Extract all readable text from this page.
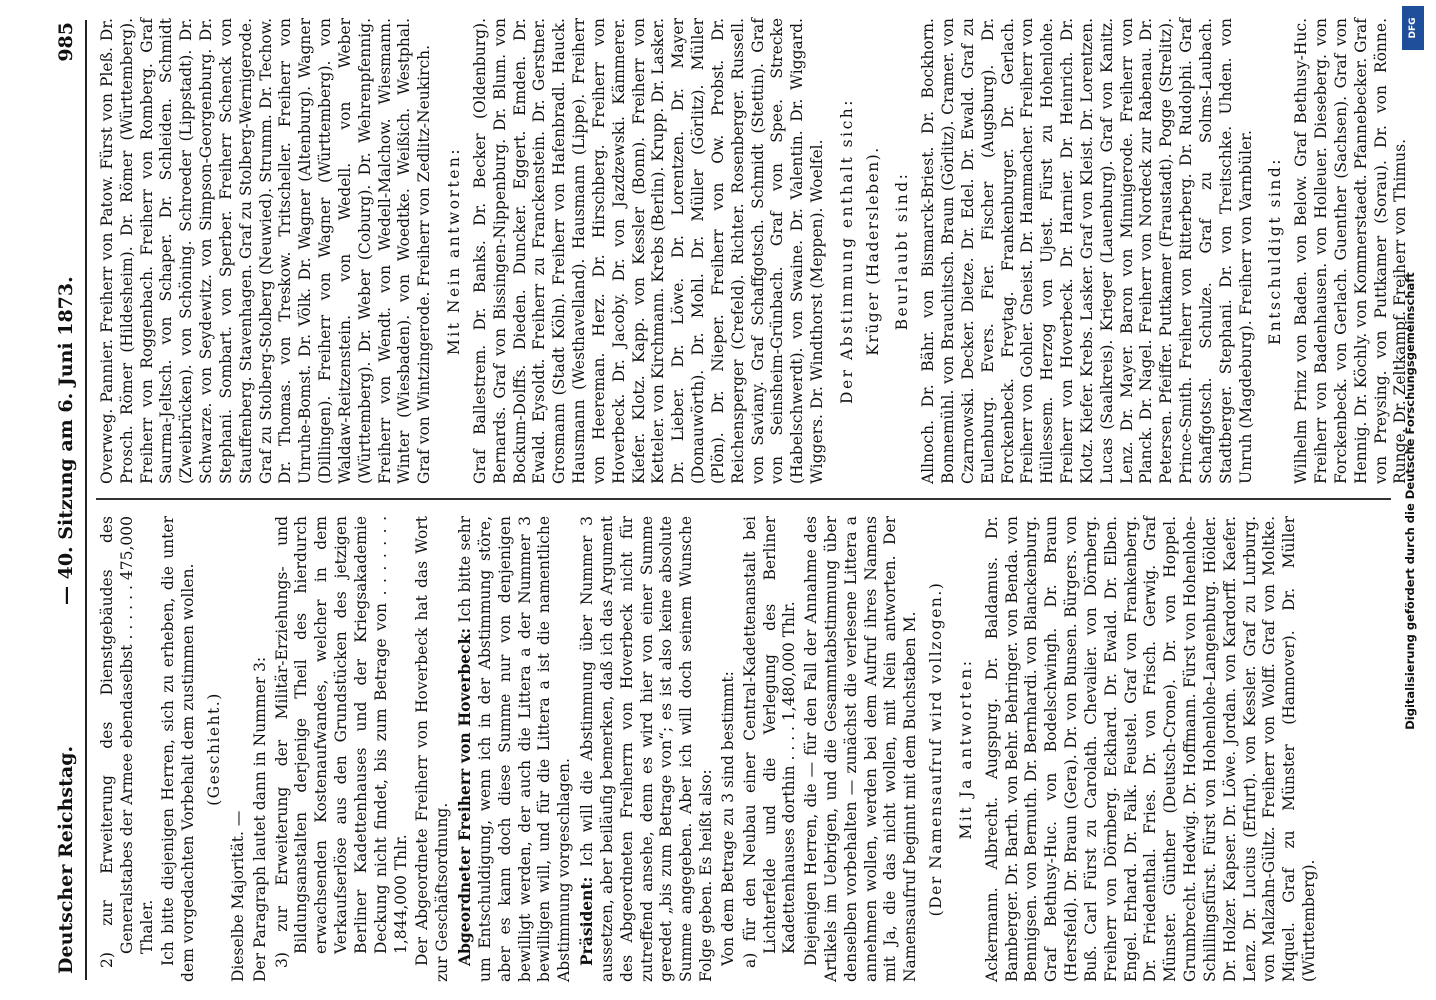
Deutscher Reichstag.
— 40. Sitzung am 6. Juni 1873.
985

2) zur Erweiterung des Dienstgebäudes des Generalstabes der Armee ebendaselbst . . . . . . 475,000 Thaler. Ich bitte diejenigen Herren, sich zu erheben, die unter dem vorgedachten Vorbehalt dem zustimmen wollen. (Geschieht.)

Dieselbe Majorität. — Der Paragraph lautet dann in Nummer 3: 3) zur Erweiterung der Militär-Erziehungs- und Bildungsanstalten derjenige Theil des hierdurch erwachsenden Kostenaufwandes, welcher in dem Verkaufserlöse aus den Grundstücken des jetzigen Berliner Kadettenhauses und der Kriegsakademie Deckung nicht findet, bis zum Betrage von . . . . . . . 1,844,000 Thlr. Der Abgeordnete Freiherr von Hoverbeck hat das Wort zur Geschäftsordnung. Abgeordneter Freiherr von Hoverbeck: Ich bitte sehr um Entschuldigung, wenn ich in der Abstimmung störe, aber es kann doch diese Summe nur von denjenigen bewilligt werden, der auch die Littera a der Nummer 3 bewilligen will, und für die Littera a ist die namentliche Abstimmung vorgeschlagen. Präsident: Ich will die Abstimmung über Nummer 3 aussetzen, aber beiläufig bemerken, daß ich das Argument des Abgeordneten Freiherrn von Hoverbeck nicht für zutreffend ansehe, denn es wird hier von einer Summe geredet „bis zum Betrage von“; es ist also keine absolute Summe angegeben. Aber ich will doch seinem Wunsche Folge geben. Es heißt also: Von dem Betrage zu 3 sind bestimmt: a) für den Neubau einer Central-Kadettenanstalt bei Lichterfelde und die Verlegung des Berliner Kadettenhauses dorthin . . . . 1,480,000 Thlr. Diejenigen Herren, die — für den Fall der Annahme des Artikels im Uebrigen, und die Gesammtabstimmung über denselben vorbehalten — zunächst die verlesene Littera a annehmen wollen, werden bei dem Aufruf ihres Namens mit Ja, die das nicht wollen, mit Nein antworten. Der Namensaufruf beginnt mit dem Buchstaben M. (Der Namensaufruf wird vollzogen.) Mit Ja antworten: Ackermann. Albrecht. Augspurg. Dr. Baldamus. Dr. Bamberger. Dr. Barth. von Behr. Behringer. von Benda. von Bennigsen. von Bernuth. Dr. Bernhardi. von Blanckenburg. Graf Bethusy-Huc. von Bodelschwingh. Dr. Braun (Hersfeld). Dr. Braun (Gera). Dr. von Bunsen. Bürgers. von Buß. Carl Fürst zu Carolath. Chevalier. von Dörnberg. Freiherr von Dörnberg. Eckhard. Dr. Ewald. Dr. Elben. Engel. Erhard. Dr. Falk. Feustel. Graf von Frankenberg. Dr. Friedenthal. Fries. Dr. von Frisch. Gerwig. Graf Münster. Günther (Deutsch-Crone). Dr. von Hoppel. Grumbrecht. Hedwig. Dr. Hoffmann. Fürst von Hohenlohe-Schillingsfürst. Fürst von Hohenlohe-Langenburg. Hölder. Dr. Holzer. Kapser. Dr. Löwe. Jordan. von Kardorff. Kaefer. Lenz. Dr. Lucius (Erfurt). von Kessler. Graf zu Lurburg. von Malzahn-Gültz. Freiherr von Wolff. Graf von Moltke. Miquel. Graf zu Münster (Hannover). Dr. Müller (Württemberg).

Overweg. Pannier. Freiherr von Patow. Fürst von Pleß. Dr. Prosch. Römer (Hildesheim). Dr. Römer (Württemberg). Freiherr von Roggenbach. Freiherr von Romberg. Graf Saurma-Jeltsch. von Schaper. Dr. Schleiden. Schmidt (Zweibrücken). von Schöning. Schroeder (Lippstadt). Dr. Schwarze. von Seydewitz. von Simpson-Georgenburg. Dr. Stephani. Sombart. von Sperber. Freiherr Schenck von Stauffenberg. Stavenhagen. Graf zu Stolberg-Wernigerode. Graf zu Stolberg-Stolberg (Neuwied). Strumm. Dr. Techow. Dr. Thomas. von Treskow. Tritscheller. Freiherr von Unruhe-Bomst. Dr. Völk. Dr. Wagner (Altenburg). Wagner (Dillingen). Freiherr von Wagner (Württemberg). von Waldaw-Reitzenstein. von Wedell. von Weber (Württemberg). Dr. Weber (Coburg). Dr. Wehrenpfennig. Freiherr von Wendt. von Wedell-Malchow. Wiesmann. Winter (Wiesbaden). von Woedtke. Weißich. Westphal. Graf von Wintzingerode. Freiherr von Zedlitz-Neukirch. Mit Nein antworten: Graf Ballestrem. Dr. Banks. Dr. Becker (Oldenburg). Bernards. Graf von Bissingen-Nippenburg. Dr. Blum. von Bockum-Dolffs. Dieden. Duncker. Eggert. Emden. Dr. Ewald. Eysoldt. Freiherr zu Franckenstein. Dr. Gerstner. Grosmann (Stadt Köln). Freiherr von Hafenbradl. Hauck. Hausmann (Westhavelland). Hausmann (Lippe). Freiherr von Heereman. Herz. Dr. Hirschberg. Freiherr von Hoverbeck. Dr. Jacoby. Dr. von Jazdzewski. Kämmerer. Kiefer. Klotz. Kapp. von Kessler (Bonn). Freiherr von Ketteler. von Kirchmann. Krebs (Berlin). Krupp. Dr. Lasker. Dr. Lieber. Dr. Löwe. Dr. Lorentzen. Dr. Mayer (Donauwörth). Dr. Mohl. Dr. Müller (Görlitz). Müller (Plön). Dr. Nieper. Freiherr von Ow. Probst. Dr. Reichensperger (Crefeld). Richter. Rosenberger. Russell. von Saviany. Graf Schaffgotsch. Schmidt (Stettin). Graf von Seinsheim-Grünbach. Graf von Spee. Strecke (Habelschwerdt). von Swaine. Dr. Valentin. Dr. Wiggard. Wiggers. Dr. Windthorst (Meppen). Woelfel. Der Abstimmung enthalt sich: Krüger (Hadersleben). Beurlaubt sind: Allnoch. Dr. Bähr. von Bismarck-Briest. Dr. Bockhorn. Bonnemühl. von Brauchitsch. Braun (Görlitz). Cramer. von Czarnowski. Decker. Dietze. Dr. Edel. Dr. Ewald. Graf zu Eulenburg. Evers. Fier. Fischer (Augsburg). Dr. Forckenbeck. Freytag. Frankenburger. Dr. Gerlach. Freiherr von Gohler. Gneist. Dr. Hammacher. Freiherr von Hüllessem. Herzog von Ujest. Fürst zu Hohenlohe. Freiherr von Hoverbeck. Dr. Harnier. Dr. Heinrich. Dr. Klotz. Kiefer. Krebs. Lasker. Graf von Kleist. Dr. Lorentzen. Lucas (Saalkreis). Krieger (Lauenburg). Graf von Kanitz. Lenz. Dr. Mayer. Baron von Minnigerode. Freiherr von Planck. Dr. Nagel. Freiherr von Nordeck zur Rabenau. Dr. Petersen. Pfeiffer. Puttkamer (Fraustadt). Pogge (Strelitz). Prince-Smith. Freiherr von Ritterberg. Dr. Rudolphi. Graf Schaffgotsch. Schulze. Graf zu Solms-Laubach. Stadtberger. Stephani. Dr. von Treitschke. Uhden. von Unruh (Magdeburg). Freiherr von Varnbüler. Entschuldigt sind: Wilhelm Prinz von Baden. von Below. Graf Bethusy-Huc. Freiherr von Badenhausen. von Holleuer. Dieseberg. von Forckenbeck. von Gerlach. Guenther (Sachsen). Graf von Hennig. Dr. Köchly. von Kommerstaedt. Pfannebecker. Graf von Preysing. von Puttkamer (Sorau). Dr. von Rönne. Runge. Dr. Zeltkampf. Freiherr von Thimus.

Digitalisierung gefördert durch die Deutsche Forschungsgemeinschaft
DFG
